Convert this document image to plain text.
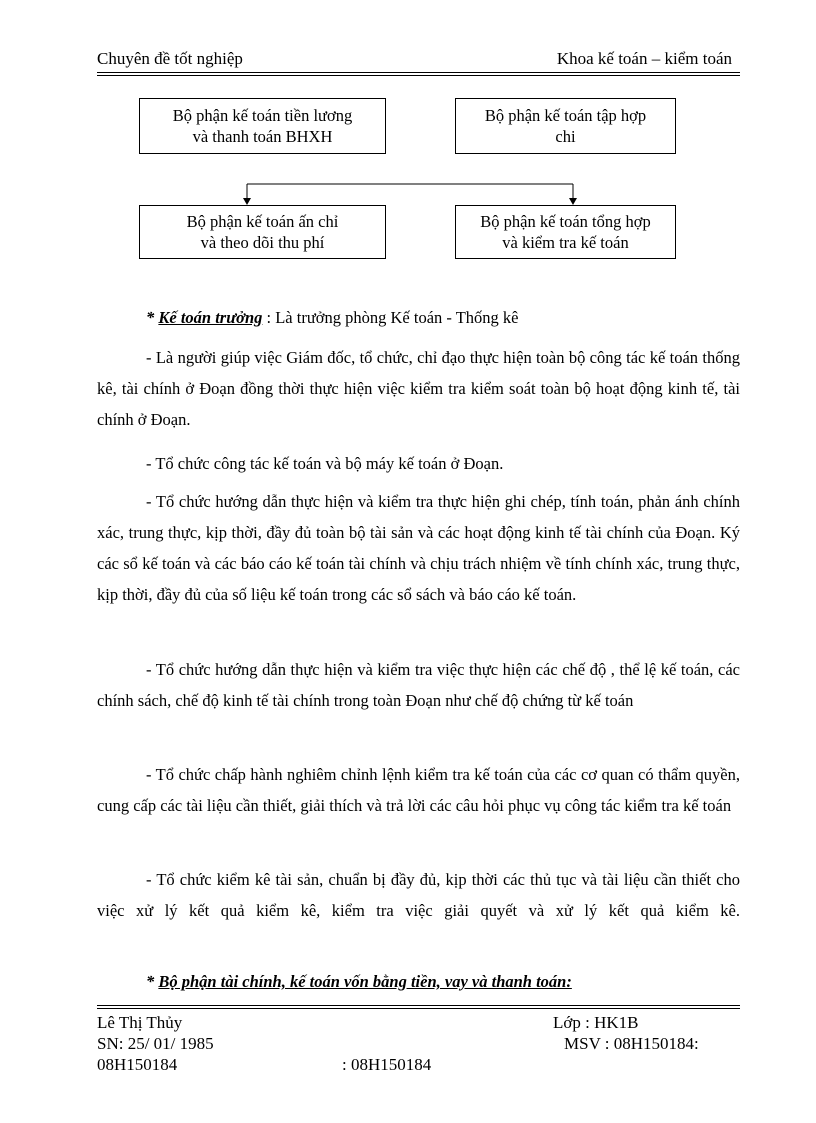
Chuyên đề tốt nghiệp	Khoa kế toán – kiểm toán
Bộ phận kế toán tiền lương
và thanh toán BHXH
Bộ phận kế toán tập hợp
chi
Bộ phận kế toán ấn chỉ
và theo dõi thu phí
Bộ phận kế toán tổng hợp
và kiểm tra kế toán
* Kế toán trưởng : Là trưởng phòng Kế toán - Thống kê
- Là người giúp việc Giám đốc, tổ chức, chỉ đạo thực hiện toàn bộ công tác kế toán thống kê, tài chính ở Đoạn đồng thời thực hiện việc kiểm tra kiểm soát toàn bộ hoạt động kinh tế, tài chính ở Đoạn.
- Tổ chức công tác kế toán và bộ máy kế toán ở Đoạn.
- Tổ chức hướng dẫn thực hiện và kiểm tra thực hiện ghi chép, tính toán, phản ánh chính xác, trung thực, kịp thời, đầy đủ toàn bộ tài sản và các hoạt động kinh tế tài chính của Đoạn. Ký các sổ kế toán và các báo cáo kế toán tài chính và chịu trách nhiệm về tính chính xác, trung thực, kịp thời, đầy đủ của số liệu kế toán trong các sổ sách và báo cáo kế toán.
- Tổ chức hướng dẫn thực hiện và kiểm tra việc thực hiện các chế độ , thể lệ kế toán, các chính sách, chế độ kinh tế tài chính trong toàn Đoạn như chế độ chứng từ kế toán
- Tổ chức chấp hành nghiêm chỉnh lệnh kiểm tra kế toán của các cơ quan có thẩm quyền, cung cấp các tài liệu cần thiết, giải thích và trả lời các câu hỏi phục vụ công tác kiểm tra kế toán
- Tổ chức kiểm kê tài sản, chuẩn bị đầy đủ, kịp thời các thủ tục và tài liệu cần thiết cho việc xử lý kết quả kiểm kê, kiểm tra việc giải quyết và xử lý kết quả kiểm kê.
* Bộ phận tài chính, kế toán vốn bằng tiền, vay và thanh toán:
Lê Thị Thủy	Lớp : HK1B
SN: 25/ 01/ 1985	MSV : 08H150184:
08H150184	: 08H150184
